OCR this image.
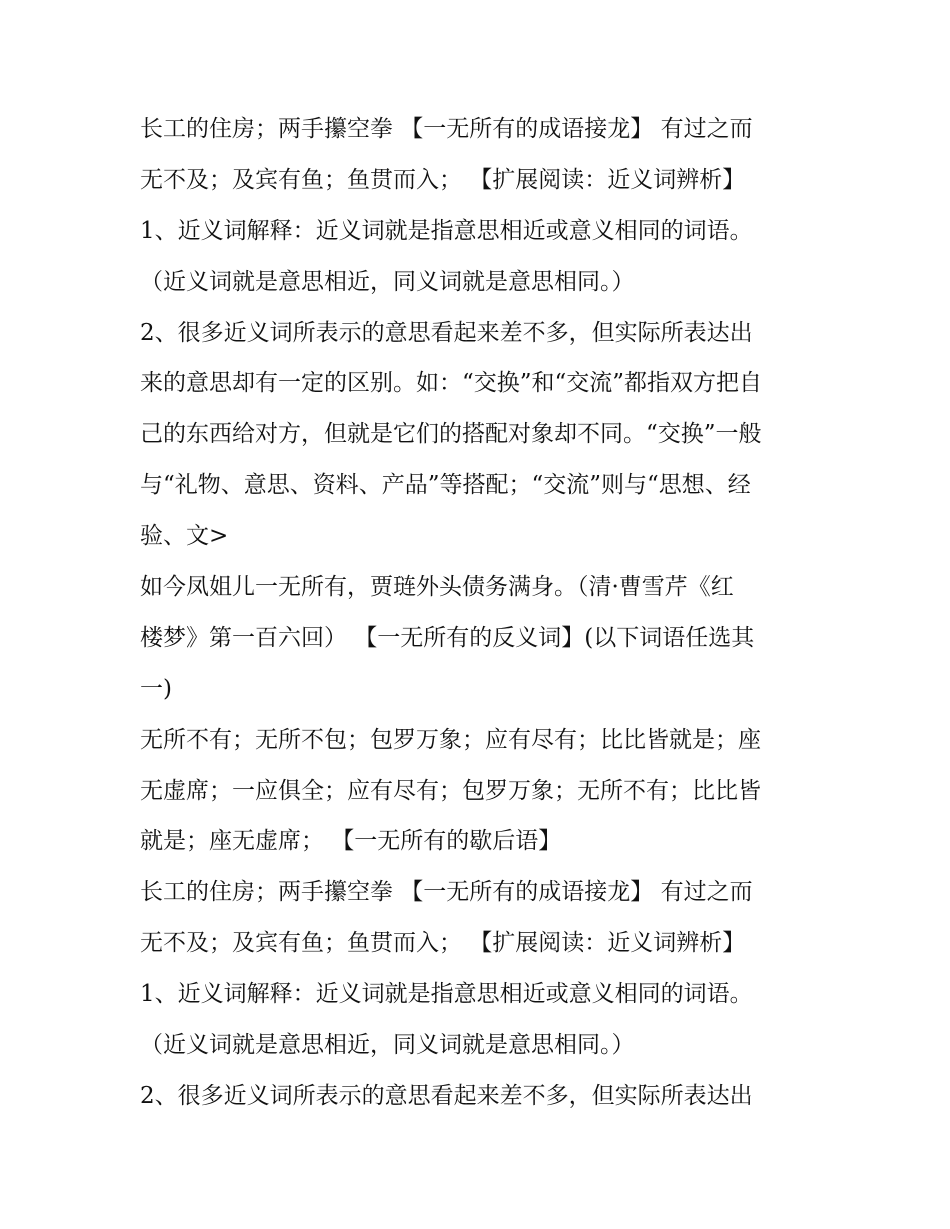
长工的住房；两手攥空拳 【一无所有的成语接龙】 有过之而
无不及；及宾有鱼；鱼贯而入； 【扩展阅读：近义词辨析】
1、近义词解释：近义词就是指意思相近或意义相同的词语。
（近义词就是意思相近，同义词就是意思相同。）
2、很多近义词所表示的意思看起来差不多，但实际所表达出
来的意思却有一定的区别。如：“交换”和“交流”都指双方把自
己的东西给对方，但就是它们的搭配对象却不同。“交换”一般
与“礼物、意思、资料、产品”等搭配；“交流”则与“思想、经
验、文>
如今凤姐儿一无所有，贾琏外头债务满身。（清·曹雪芹《红
楼梦》第一百六回） 【一无所有的反义词】(以下词语任选其
一)
无所不有；无所不包；包罗万象；应有尽有；比比皆就是；座
无虚席；一应俱全；应有尽有；包罗万象；无所不有；比比皆
就是；座无虚席； 【一无所有的歇后语】
长工的住房；两手攥空拳 【一无所有的成语接龙】 有过之而
无不及；及宾有鱼；鱼贯而入； 【扩展阅读：近义词辨析】
1、近义词解释：近义词就是指意思相近或意义相同的词语。
（近义词就是意思相近，同义词就是意思相同。）
2、很多近义词所表示的意思看起来差不多，但实际所表达出
